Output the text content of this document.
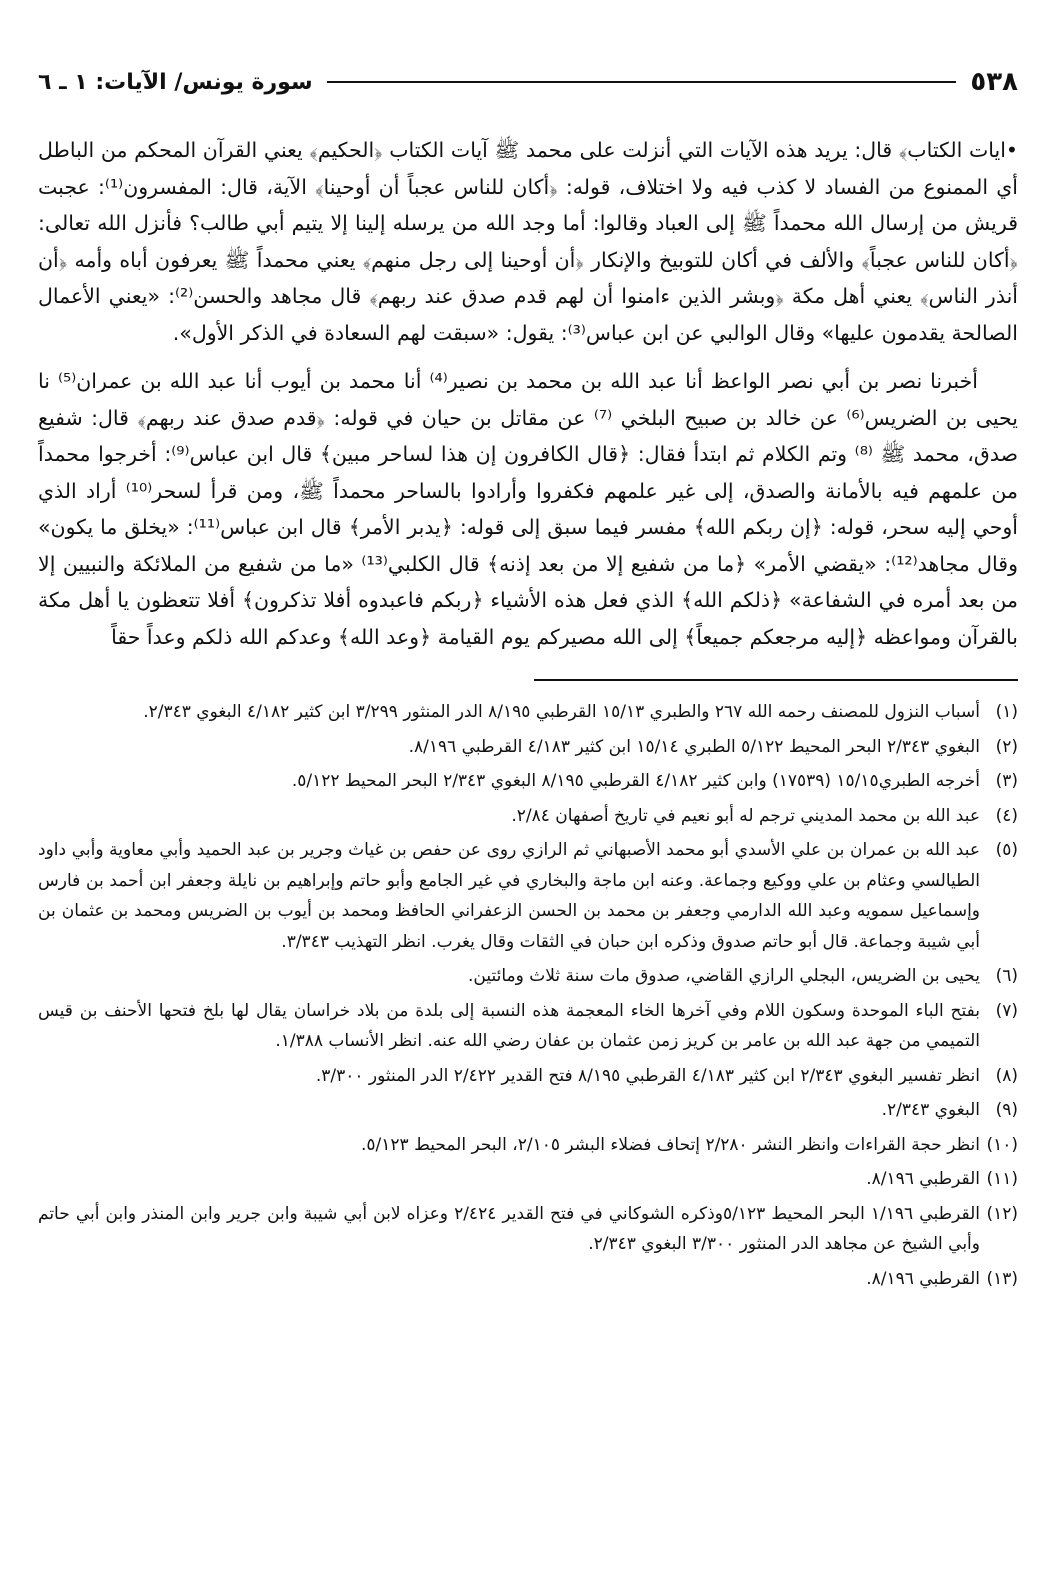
٥٣٨
سورة يونس/ الآيات: ١ ـ ٦

•ايات الكتاب﴾ قال: يريد هذه الآيات التي أنزلت على محمد ﷺ آيات الكتاب ﴿الحكيم﴾ يعني القرآن المحكم من الباطل أي الممنوع من الفساد لا كذب فيه ولا اختلاف، قوله: ﴿أكان للناس عجباً أن أوحينا﴾ الآية، قال: المفسرون⁽¹⁾: عجبت قريش من إرسال الله محمداً ﷺ إلى العباد وقالوا: أما وجد الله من يرسله إلينا إلا يتيم أبي طالب؟ فأنزل الله تعالى: ﴿أكان للناس عجباً﴾ والألف في أكان للتوبيخ والإنكار ﴿أن أوحينا إلى رجل منهم﴾ يعني محمداً ﷺ يعرفون أباه وأمه ﴿أن أنذر الناس﴾ يعني أهل مكة ﴿وبشر الذين ءامنوا أن لهم قدم صدق عند ربهم﴾ قال مجاهد والحسن⁽²⁾: «يعني الأعمال الصالحة يقدمون عليها» وقال الوالبي عن ابن عباس⁽³⁾: يقول: «سبقت لهم السعادة في الذكر الأول».

أخبرنا نصر بن أبي نصر الواعظ أنا عبد الله بن محمد بن نصير⁽⁴⁾ أنا محمد بن أيوب أنا عبد الله بن عمران⁽⁵⁾ نا يحيى بن الضريس⁽⁶⁾ عن خالد بن صبيح البلخي ⁽⁷⁾ عن مقاتل بن حيان في قوله: ﴿قدم صدق عند ربهم﴾ قال: شفيع صدق، محمد ﷺ ⁽⁸⁾ وتم الكلام ثم ابتدأ فقال: ﴿قال الكافرون إن هذا لساحر مبين﴾ قال ابن عباس⁽⁹⁾: أخرجوا محمداً من علمهم فيه بالأمانة والصدق، إلى غير علمهم فكفروا وأرادوا بالساحر محمداً ﷺ، ومن قرأ لسحر⁽¹⁰⁾ أراد الذي أوحي إليه سحر، قوله: ﴿إن ربكم الله﴾ مفسر فيما سبق إلى قوله: ﴿يدبر الأمر﴾ قال ابن عباس⁽¹¹⁾: «يخلق ما يكون» وقال مجاهد⁽¹²⁾: «يقضي الأمر» ﴿ما من شفيع إلا من بعد إذنه﴾ قال الكلبي⁽¹³⁾ «ما من شفيع من الملائكة والنبيين إلا من بعد أمره في الشفاعة» ﴿ذلكم الله﴾ الذي فعل هذه الأشياء ﴿ربكم فاعبدوه أفلا تذكرون﴾ أفلا تتعظون يا أهل مكة بالقرآن ومواعظه ﴿إليه مرجعكم جميعاً﴾ إلى الله مصيركم يوم القيامة ﴿وعد الله﴾ وعدكم الله ذلكم وعداً حقاً

(١)
أسباب النزول للمصنف رحمه الله ٢٦٧ والطبري ١٥/١٣ القرطبي ٨/١٩٥ الدر المنثور ٣/٢٩٩ ابن كثير ٤/١٨٢ البغوي ٢/٣٤٣.
(٢)
البغوي ٢/٣٤٣ البحر المحيط ٥/١٢٢ الطبري ١٥/١٤ ابن كثير ٤/١٨٣ القرطبي ٨/١٩٦.
(٣)
أخرجه الطبري١٥/١٥ (١٧٥٣٩) وابن كثير ٤/١٨٢ القرطبي ٨/١٩٥ البغوي ٢/٣٤٣ البحر المحيط ٥/١٢٢.
(٤)
عبد الله بن محمد المديني ترجم له أبو نعيم في تاريخ أصفهان ٢/٨٤.
(٥)
عبد الله بن عمران بن علي الأسدي أبو محمد الأصبهاني ثم الرازي روى عن حفص بن غياث وجرير بن عبد الحميد وأبي معاوية وأبي داود الطيالسي وعثام بن علي ووكيع وجماعة. وعنه ابن ماجة والبخاري في غير الجامع وأبو حاتم وإبراهيم بن نايلة وجعفر ابن أحمد بن فارس وإسماعيل سمويه وعبد الله الدارمي وجعفر بن محمد بن الحسن الزعفراني الحافظ ومحمد بن أيوب بن الضريس ومحمد بن عثمان بن أبي شيبة وجماعة. قال أبو حاتم صدوق وذكره ابن حبان في الثقات وقال يغرب. انظر التهذيب ٣/٣٤٣.
(٦)
يحيى بن الضريس، البجلي الرازي القاضي، صدوق مات سنة ثلاث ومائتين.
(٧)
بفتح الباء الموحدة وسكون اللام وفي آخرها الخاء المعجمة هذه النسبة إلى بلدة من بلاد خراسان يقال لها بلخ فتحها الأحنف بن قيس التميمي من جهة عبد الله بن عامر بن كريز زمن عثمان بن عفان رضي الله عنه. انظر الأنساب ١/٣٨٨.
(٨)
انظر تفسير البغوي ٢/٣٤٣ ابن كثير ٤/١٨٣ القرطبي ٨/١٩٥ فتح القدير ٢/٤٢٢ الدر المنثور ٣/٣٠٠.
(٩)
البغوي ٢/٣٤٣.
(١٠)
انظر حجة القراءات وانظر النشر ٢/٢٨٠ إتحاف فضلاء البشر ٢/١٠٥، البحر المحيط ٥/١٢٣.
(١١)
القرطبي ٨/١٩٦.
(١٢)
القرطبي ١/١٩٦ البحر المحيط ٥/١٢٣وذكره الشوكاني في فتح القدير ٢/٤٢٤ وعزاه لابن أبي شيبة وابن جرير وابن المنذر وابن أبي حاتم وأبي الشيخ عن مجاهد الدر المنثور ٣/٣٠٠ البغوي ٢/٣٤٣.
(١٣)
القرطبي ٨/١٩٦.
